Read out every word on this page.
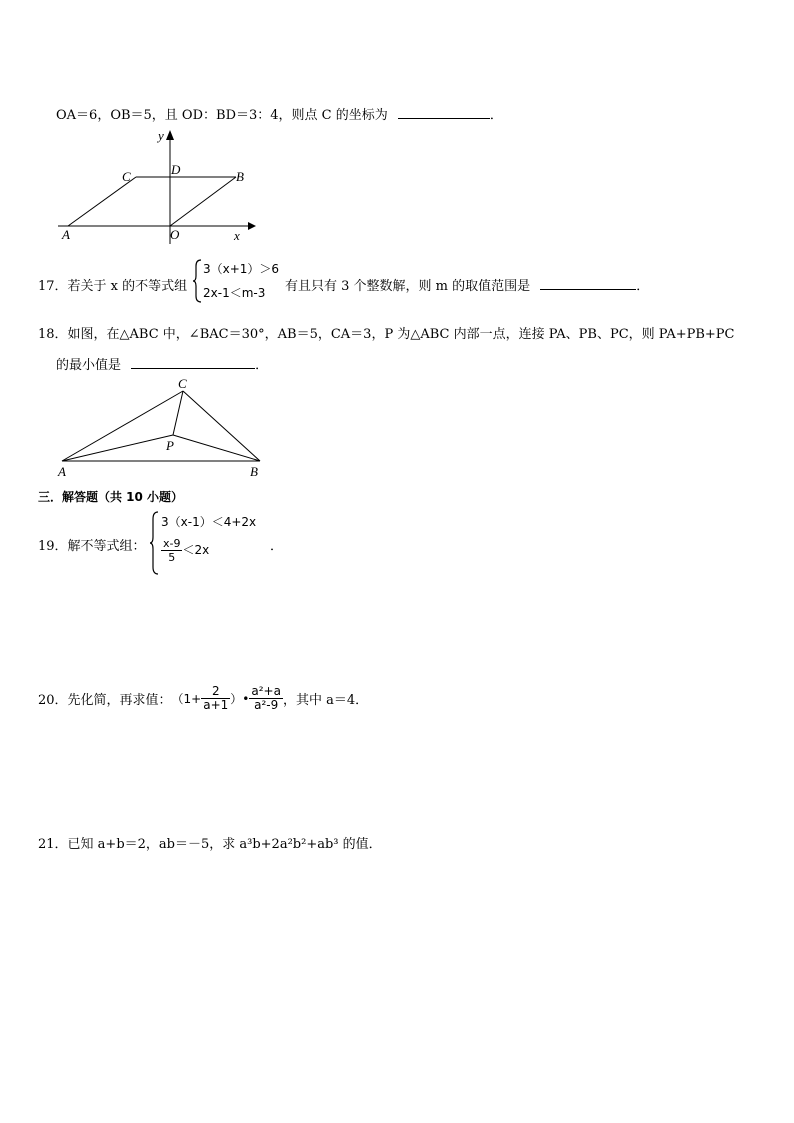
OA＝6，OB＝5，且 OD：BD＝3：4，则点 C 的坐标为	．
y
x
C	D	B
A	O
17．若关于 x 的不等式组
3（x+1）＞6
2x-1＜m-3 有且只有 3 个整数解，则 m 的取值范围是	．
18．如图，在△ABC 中，∠BAC＝30°，AB＝5，CA＝3，P 为△ABC 内部一点，连接 PA、PB、PC，则 PA+PB+PC
的最小值是	．
C
P
A	B
三．解答题（共 10 小题）
19．解不等式组：
3（x-1）＜4+2x
$\frac{x-9}{5} <2x$	．
20．先化简，再求值： （$1+ \frac{2}{a+1}$ ）• $\frac{\text{a²+a}}{\text{a²-9}}$ ，其中 a＝4．
21．已知 a+b＝2，ab＝－5，求 a³b+2a²b²+ab³ 的值．
